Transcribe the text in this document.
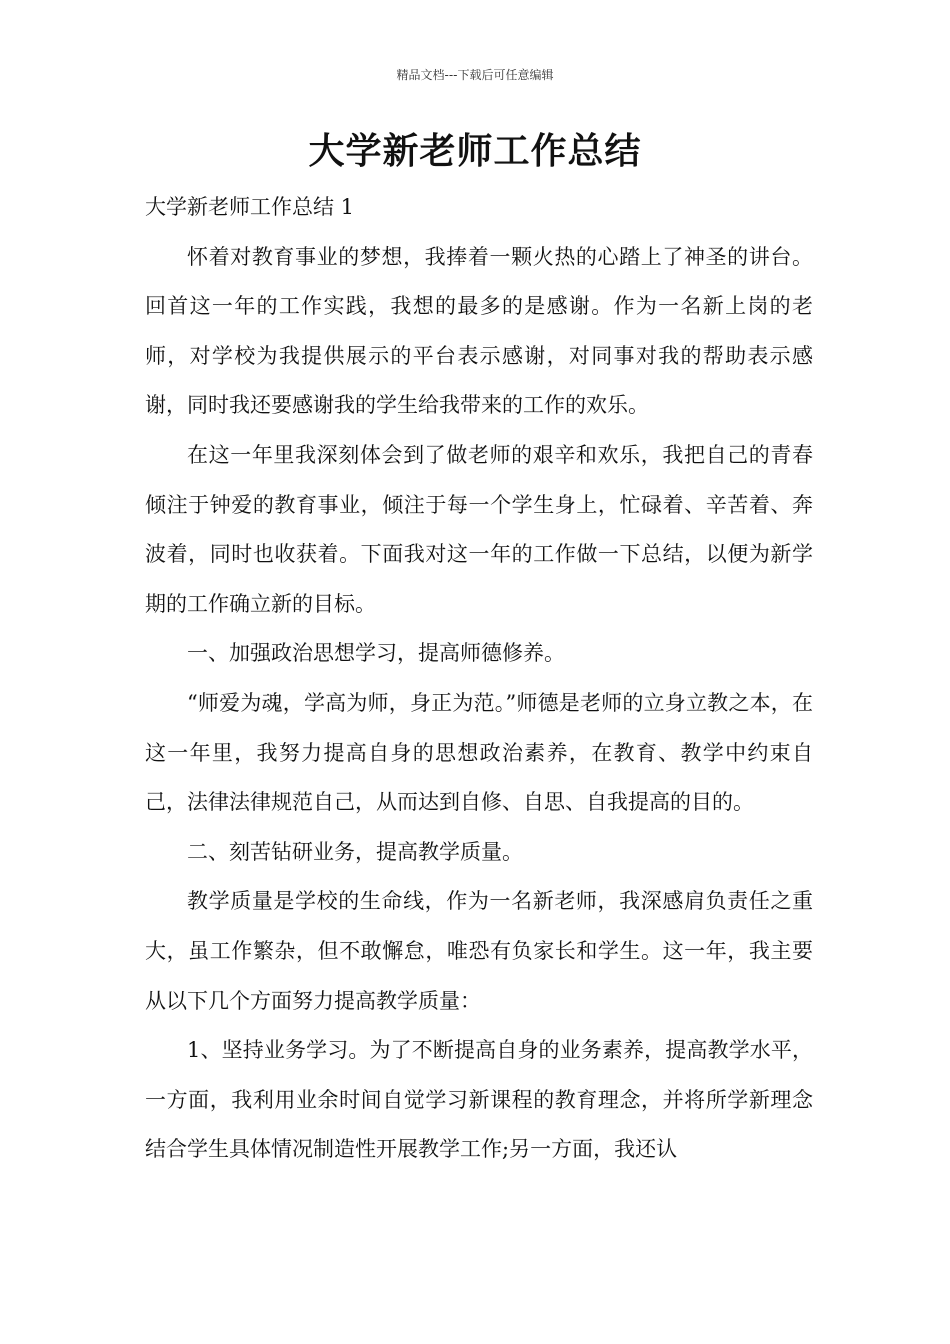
精品文档---下载后可任意编辑
大学新老师工作总结

大学新老师工作总结 1

怀着对教育事业的梦想，我捧着一颗火热的心踏上了神圣的讲台。回首这一年的工作实践，我想的最多的是感谢。作为一名新上岗的老师，对学校为我提供展示的平台表示感谢，对同事对我的帮助表示感谢，同时我还要感谢我的学生给我带来的工作的欢乐。

在这一年里我深刻体会到了做老师的艰辛和欢乐，我把自己的青春倾注于钟爱的教育事业，倾注于每一个学生身上，忙碌着、辛苦着、奔波着，同时也收获着。下面我对这一年的工作做一下总结，以便为新学期的工作确立新的目标。

一、加强政治思想学习，提高师德修养。

“师爱为魂，学高为师，身正为范。”师德是老师的立身立教之本，在这一年里，我努力提高自身的思想政治素养，在教育、教学中约束自己，法律法律规范自己，从而达到自修、自思、自我提高的目的。

二、刻苦钻研业务，提高教学质量。

教学质量是学校的生命线，作为一名新老师，我深感肩负责任之重大，虽工作繁杂，但不敢懈怠，唯恐有负家长和学生。这一年，我主要从以下几个方面努力提高教学质量：

1、坚持业务学习。为了不断提高自身的业务素养，提高教学水平，一方面，我利用业余时间自觉学习新课程的教育理念，并将所学新理念结合学生具体情况制造性开展教学工作;另一方面，我还认
